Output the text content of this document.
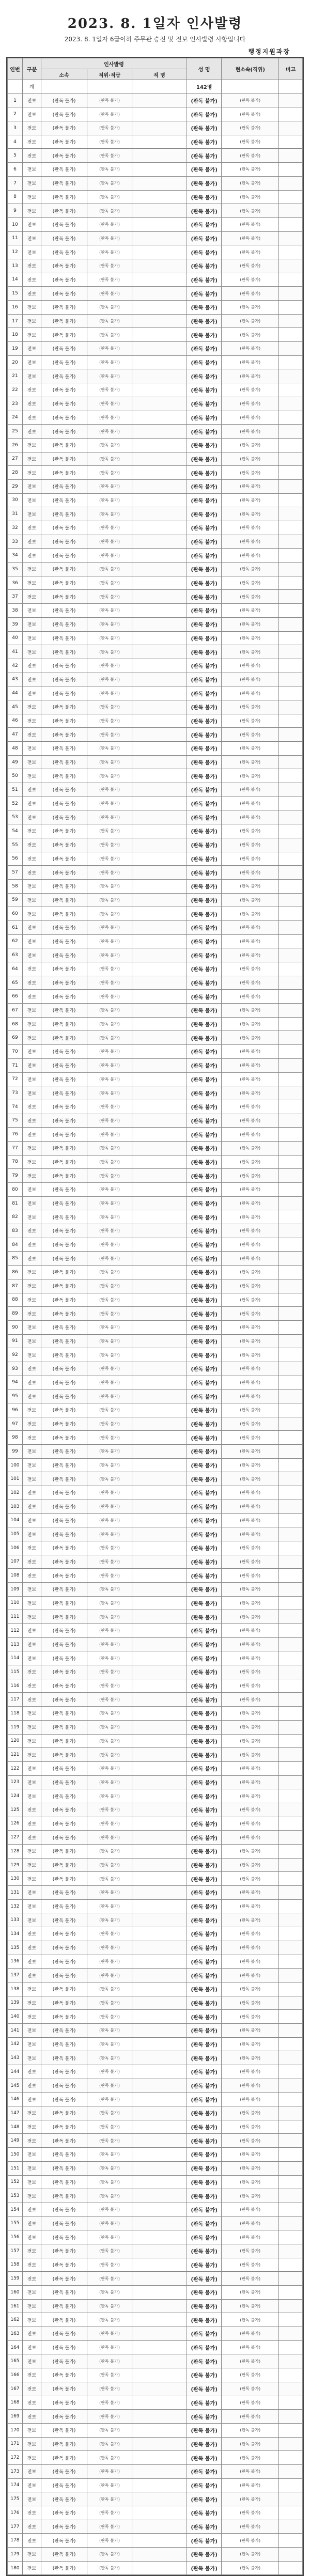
2023. 8. 1일자 인사발령
2023. 8. 1일자 6급이하 주무관 승진 및 전보 인사발령 사항입니다
행정지원과장
연번	구분	인사발령			성 명	현소속(직위)	비고
		소속	직위·직급	직 명			
	계				142명		
1	전보	(판독 불가)	(판독 불가)		(판독 불가)	(판독 불가)	
2	전보	(판독 불가)	(판독 불가)		(판독 불가)	(판독 불가)	
3	전보	(판독 불가)	(판독 불가)		(판독 불가)	(판독 불가)	
4	전보	(판독 불가)	(판독 불가)		(판독 불가)	(판독 불가)	
5	전보	(판독 불가)	(판독 불가)		(판독 불가)	(판독 불가)	
6	전보	(판독 불가)	(판독 불가)		(판독 불가)	(판독 불가)	
7	전보	(판독 불가)	(판독 불가)		(판독 불가)	(판독 불가)	
8	전보	(판독 불가)	(판독 불가)		(판독 불가)	(판독 불가)	
9	전보	(판독 불가)	(판독 불가)		(판독 불가)	(판독 불가)	
10	전보	(판독 불가)	(판독 불가)		(판독 불가)	(판독 불가)	
11	전보	(판독 불가)	(판독 불가)		(판독 불가)	(판독 불가)	
12	전보	(판독 불가)	(판독 불가)		(판독 불가)	(판독 불가)	
13	전보	(판독 불가)	(판독 불가)		(판독 불가)	(판독 불가)	
14	전보	(판독 불가)	(판독 불가)		(판독 불가)	(판독 불가)	
15	전보	(판독 불가)	(판독 불가)		(판독 불가)	(판독 불가)	
16	전보	(판독 불가)	(판독 불가)		(판독 불가)	(판독 불가)	
17	전보	(판독 불가)	(판독 불가)		(판독 불가)	(판독 불가)	
18	전보	(판독 불가)	(판독 불가)		(판독 불가)	(판독 불가)	
19	전보	(판독 불가)	(판독 불가)		(판독 불가)	(판독 불가)	
20	전보	(판독 불가)	(판독 불가)		(판독 불가)	(판독 불가)	
21	전보	(판독 불가)	(판독 불가)		(판독 불가)	(판독 불가)	
22	전보	(판독 불가)	(판독 불가)		(판독 불가)	(판독 불가)	
23	전보	(판독 불가)	(판독 불가)		(판독 불가)	(판독 불가)	
24	전보	(판독 불가)	(판독 불가)		(판독 불가)	(판독 불가)	
25	전보	(판독 불가)	(판독 불가)		(판독 불가)	(판독 불가)	
26	전보	(판독 불가)	(판독 불가)		(판독 불가)	(판독 불가)	
27	전보	(판독 불가)	(판독 불가)		(판독 불가)	(판독 불가)	
28	전보	(판독 불가)	(판독 불가)		(판독 불가)	(판독 불가)	
29	전보	(판독 불가)	(판독 불가)		(판독 불가)	(판독 불가)	
30	전보	(판독 불가)	(판독 불가)		(판독 불가)	(판독 불가)	
31	전보	(판독 불가)	(판독 불가)		(판독 불가)	(판독 불가)	
32	전보	(판독 불가)	(판독 불가)		(판독 불가)	(판독 불가)	
33	전보	(판독 불가)	(판독 불가)		(판독 불가)	(판독 불가)	
34	전보	(판독 불가)	(판독 불가)		(판독 불가)	(판독 불가)	
35	전보	(판독 불가)	(판독 불가)		(판독 불가)	(판독 불가)	
36	전보	(판독 불가)	(판독 불가)		(판독 불가)	(판독 불가)	
37	전보	(판독 불가)	(판독 불가)		(판독 불가)	(판독 불가)	
38	전보	(판독 불가)	(판독 불가)		(판독 불가)	(판독 불가)	
39	전보	(판독 불가)	(판독 불가)		(판독 불가)	(판독 불가)	
40	전보	(판독 불가)	(판독 불가)		(판독 불가)	(판독 불가)	
41	전보	(판독 불가)	(판독 불가)		(판독 불가)	(판독 불가)	
42	전보	(판독 불가)	(판독 불가)		(판독 불가)	(판독 불가)	
43	전보	(판독 불가)	(판독 불가)		(판독 불가)	(판독 불가)	
44	전보	(판독 불가)	(판독 불가)		(판독 불가)	(판독 불가)	
45	전보	(판독 불가)	(판독 불가)		(판독 불가)	(판독 불가)	
46	전보	(판독 불가)	(판독 불가)		(판독 불가)	(판독 불가)	
47	전보	(판독 불가)	(판독 불가)		(판독 불가)	(판독 불가)	
48	전보	(판독 불가)	(판독 불가)		(판독 불가)	(판독 불가)	
49	전보	(판독 불가)	(판독 불가)		(판독 불가)	(판독 불가)	
50	전보	(판독 불가)	(판독 불가)		(판독 불가)	(판독 불가)	
51	전보	(판독 불가)	(판독 불가)		(판독 불가)	(판독 불가)	
52	전보	(판독 불가)	(판독 불가)		(판독 불가)	(판독 불가)	
53	전보	(판독 불가)	(판독 불가)		(판독 불가)	(판독 불가)	
54	전보	(판독 불가)	(판독 불가)		(판독 불가)	(판독 불가)	
55	전보	(판독 불가)	(판독 불가)		(판독 불가)	(판독 불가)	
56	전보	(판독 불가)	(판독 불가)		(판독 불가)	(판독 불가)	
57	전보	(판독 불가)	(판독 불가)		(판독 불가)	(판독 불가)	
58	전보	(판독 불가)	(판독 불가)		(판독 불가)	(판독 불가)	
59	전보	(판독 불가)	(판독 불가)		(판독 불가)	(판독 불가)	
60	전보	(판독 불가)	(판독 불가)		(판독 불가)	(판독 불가)	
61	전보	(판독 불가)	(판독 불가)		(판독 불가)	(판독 불가)	
62	전보	(판독 불가)	(판독 불가)		(판독 불가)	(판독 불가)	
63	전보	(판독 불가)	(판독 불가)		(판독 불가)	(판독 불가)	
64	전보	(판독 불가)	(판독 불가)		(판독 불가)	(판독 불가)	
65	전보	(판독 불가)	(판독 불가)		(판독 불가)	(판독 불가)	
66	전보	(판독 불가)	(판독 불가)		(판독 불가)	(판독 불가)	
67	전보	(판독 불가)	(판독 불가)		(판독 불가)	(판독 불가)	
68	전보	(판독 불가)	(판독 불가)		(판독 불가)	(판독 불가)	
69	전보	(판독 불가)	(판독 불가)		(판독 불가)	(판독 불가)	
70	전보	(판독 불가)	(판독 불가)		(판독 불가)	(판독 불가)	
71	전보	(판독 불가)	(판독 불가)		(판독 불가)	(판독 불가)	
72	전보	(판독 불가)	(판독 불가)		(판독 불가)	(판독 불가)	
73	전보	(판독 불가)	(판독 불가)		(판독 불가)	(판독 불가)	
74	전보	(판독 불가)	(판독 불가)		(판독 불가)	(판독 불가)	
75	전보	(판독 불가)	(판독 불가)		(판독 불가)	(판독 불가)	
76	전보	(판독 불가)	(판독 불가)		(판독 불가)	(판독 불가)	
77	전보	(판독 불가)	(판독 불가)		(판독 불가)	(판독 불가)	
78	전보	(판독 불가)	(판독 불가)		(판독 불가)	(판독 불가)	
79	전보	(판독 불가)	(판독 불가)		(판독 불가)	(판독 불가)	
80	전보	(판독 불가)	(판독 불가)		(판독 불가)	(판독 불가)	
81	전보	(판독 불가)	(판독 불가)		(판독 불가)	(판독 불가)	
82	전보	(판독 불가)	(판독 불가)		(판독 불가)	(판독 불가)	
83	전보	(판독 불가)	(판독 불가)		(판독 불가)	(판독 불가)	
84	전보	(판독 불가)	(판독 불가)		(판독 불가)	(판독 불가)	
85	전보	(판독 불가)	(판독 불가)		(판독 불가)	(판독 불가)	
86	전보	(판독 불가)	(판독 불가)		(판독 불가)	(판독 불가)	
87	전보	(판독 불가)	(판독 불가)		(판독 불가)	(판독 불가)	
88	전보	(판독 불가)	(판독 불가)		(판독 불가)	(판독 불가)	
89	전보	(판독 불가)	(판독 불가)		(판독 불가)	(판독 불가)	
90	전보	(판독 불가)	(판독 불가)		(판독 불가)	(판독 불가)	
91	전보	(판독 불가)	(판독 불가)		(판독 불가)	(판독 불가)	
92	전보	(판독 불가)	(판독 불가)		(판독 불가)	(판독 불가)	
93	전보	(판독 불가)	(판독 불가)		(판독 불가)	(판독 불가)	
94	전보	(판독 불가)	(판독 불가)		(판독 불가)	(판독 불가)	
95	전보	(판독 불가)	(판독 불가)		(판독 불가)	(판독 불가)	
96	전보	(판독 불가)	(판독 불가)		(판독 불가)	(판독 불가)	
97	전보	(판독 불가)	(판독 불가)		(판독 불가)	(판독 불가)	
98	전보	(판독 불가)	(판독 불가)		(판독 불가)	(판독 불가)	
99	전보	(판독 불가)	(판독 불가)		(판독 불가)	(판독 불가)	
100	전보	(판독 불가)	(판독 불가)		(판독 불가)	(판독 불가)	
101	전보	(판독 불가)	(판독 불가)		(판독 불가)	(판독 불가)	
102	전보	(판독 불가)	(판독 불가)		(판독 불가)	(판독 불가)	
103	전보	(판독 불가)	(판독 불가)		(판독 불가)	(판독 불가)	
104	전보	(판독 불가)	(판독 불가)		(판독 불가)	(판독 불가)	
105	전보	(판독 불가)	(판독 불가)		(판독 불가)	(판독 불가)	
106	전보	(판독 불가)	(판독 불가)		(판독 불가)	(판독 불가)	
107	전보	(판독 불가)	(판독 불가)		(판독 불가)	(판독 불가)	
108	전보	(판독 불가)	(판독 불가)		(판독 불가)	(판독 불가)	
109	전보	(판독 불가)	(판독 불가)		(판독 불가)	(판독 불가)	
110	전보	(판독 불가)	(판독 불가)		(판독 불가)	(판독 불가)	
111	전보	(판독 불가)	(판독 불가)		(판독 불가)	(판독 불가)	
112	전보	(판독 불가)	(판독 불가)		(판독 불가)	(판독 불가)	
113	전보	(판독 불가)	(판독 불가)		(판독 불가)	(판독 불가)	
114	전보	(판독 불가)	(판독 불가)		(판독 불가)	(판독 불가)	
115	전보	(판독 불가)	(판독 불가)		(판독 불가)	(판독 불가)	
116	전보	(판독 불가)	(판독 불가)		(판독 불가)	(판독 불가)	
117	전보	(판독 불가)	(판독 불가)		(판독 불가)	(판독 불가)	
118	전보	(판독 불가)	(판독 불가)		(판독 불가)	(판독 불가)	
119	전보	(판독 불가)	(판독 불가)		(판독 불가)	(판독 불가)	
120	전보	(판독 불가)	(판독 불가)		(판독 불가)	(판독 불가)	
121	전보	(판독 불가)	(판독 불가)		(판독 불가)	(판독 불가)	
122	전보	(판독 불가)	(판독 불가)		(판독 불가)	(판독 불가)	
123	전보	(판독 불가)	(판독 불가)		(판독 불가)	(판독 불가)	
124	전보	(판독 불가)	(판독 불가)		(판독 불가)	(판독 불가)	
125	전보	(판독 불가)	(판독 불가)		(판독 불가)	(판독 불가)	
126	전보	(판독 불가)	(판독 불가)		(판독 불가)	(판독 불가)	
127	전보	(판독 불가)	(판독 불가)		(판독 불가)	(판독 불가)	
128	전보	(판독 불가)	(판독 불가)		(판독 불가)	(판독 불가)	
129	전보	(판독 불가)	(판독 불가)		(판독 불가)	(판독 불가)	
130	전보	(판독 불가)	(판독 불가)		(판독 불가)	(판독 불가)	
131	전보	(판독 불가)	(판독 불가)		(판독 불가)	(판독 불가)	
132	전보	(판독 불가)	(판독 불가)		(판독 불가)	(판독 불가)	
133	전보	(판독 불가)	(판독 불가)		(판독 불가)	(판독 불가)	
134	전보	(판독 불가)	(판독 불가)		(판독 불가)	(판독 불가)	
135	전보	(판독 불가)	(판독 불가)		(판독 불가)	(판독 불가)	
136	전보	(판독 불가)	(판독 불가)		(판독 불가)	(판독 불가)	
137	전보	(판독 불가)	(판독 불가)		(판독 불가)	(판독 불가)	
138	전보	(판독 불가)	(판독 불가)		(판독 불가)	(판독 불가)	
139	전보	(판독 불가)	(판독 불가)		(판독 불가)	(판독 불가)	
140	전보	(판독 불가)	(판독 불가)		(판독 불가)	(판독 불가)	
141	전보	(판독 불가)	(판독 불가)		(판독 불가)	(판독 불가)	
142	전보	(판독 불가)	(판독 불가)		(판독 불가)	(판독 불가)	
143	전보	(판독 불가)	(판독 불가)		(판독 불가)	(판독 불가)	
144	전보	(판독 불가)	(판독 불가)		(판독 불가)	(판독 불가)	
145	전보	(판독 불가)	(판독 불가)		(판독 불가)	(판독 불가)	
146	전보	(판독 불가)	(판독 불가)		(판독 불가)	(판독 불가)	
147	전보	(판독 불가)	(판독 불가)		(판독 불가)	(판독 불가)	
148	전보	(판독 불가)	(판독 불가)		(판독 불가)	(판독 불가)	
149	전보	(판독 불가)	(판독 불가)		(판독 불가)	(판독 불가)	
150	전보	(판독 불가)	(판독 불가)		(판독 불가)	(판독 불가)	
151	전보	(판독 불가)	(판독 불가)		(판독 불가)	(판독 불가)	
152	전보	(판독 불가)	(판독 불가)		(판독 불가)	(판독 불가)	
153	전보	(판독 불가)	(판독 불가)		(판독 불가)	(판독 불가)	
154	전보	(판독 불가)	(판독 불가)		(판독 불가)	(판독 불가)	
155	전보	(판독 불가)	(판독 불가)		(판독 불가)	(판독 불가)	
156	전보	(판독 불가)	(판독 불가)		(판독 불가)	(판독 불가)	
157	전보	(판독 불가)	(판독 불가)		(판독 불가)	(판독 불가)	
158	전보	(판독 불가)	(판독 불가)		(판독 불가)	(판독 불가)	
159	전보	(판독 불가)	(판독 불가)		(판독 불가)	(판독 불가)	
160	전보	(판독 불가)	(판독 불가)		(판독 불가)	(판독 불가)	
161	전보	(판독 불가)	(판독 불가)		(판독 불가)	(판독 불가)	
162	전보	(판독 불가)	(판독 불가)		(판독 불가)	(판독 불가)	
163	전보	(판독 불가)	(판독 불가)		(판독 불가)	(판독 불가)	
164	전보	(판독 불가)	(판독 불가)		(판독 불가)	(판독 불가)	
165	전보	(판독 불가)	(판독 불가)		(판독 불가)	(판독 불가)	
166	전보	(판독 불가)	(판독 불가)		(판독 불가)	(판독 불가)	
167	전보	(판독 불가)	(판독 불가)		(판독 불가)	(판독 불가)	
168	전보	(판독 불가)	(판독 불가)		(판독 불가)	(판독 불가)	
169	전보	(판독 불가)	(판독 불가)		(판독 불가)	(판독 불가)	
170	전보	(판독 불가)	(판독 불가)		(판독 불가)	(판독 불가)	
171	전보	(판독 불가)	(판독 불가)		(판독 불가)	(판독 불가)	
172	전보	(판독 불가)	(판독 불가)		(판독 불가)	(판독 불가)	
173	전보	(판독 불가)	(판독 불가)		(판독 불가)	(판독 불가)	
174	전보	(판독 불가)	(판독 불가)		(판독 불가)	(판독 불가)	
175	전보	(판독 불가)	(판독 불가)		(판독 불가)	(판독 불가)	
176	전보	(판독 불가)	(판독 불가)		(판독 불가)	(판독 불가)	
177	전보	(판독 불가)	(판독 불가)		(판독 불가)	(판독 불가)	
178	전보	(판독 불가)	(판독 불가)		(판독 불가)	(판독 불가)	
179	전보	(판독 불가)	(판독 불가)		(판독 불가)	(판독 불가)	
180	전보	(판독 불가)	(판독 불가)		(판독 불가)	(판독 불가)	
